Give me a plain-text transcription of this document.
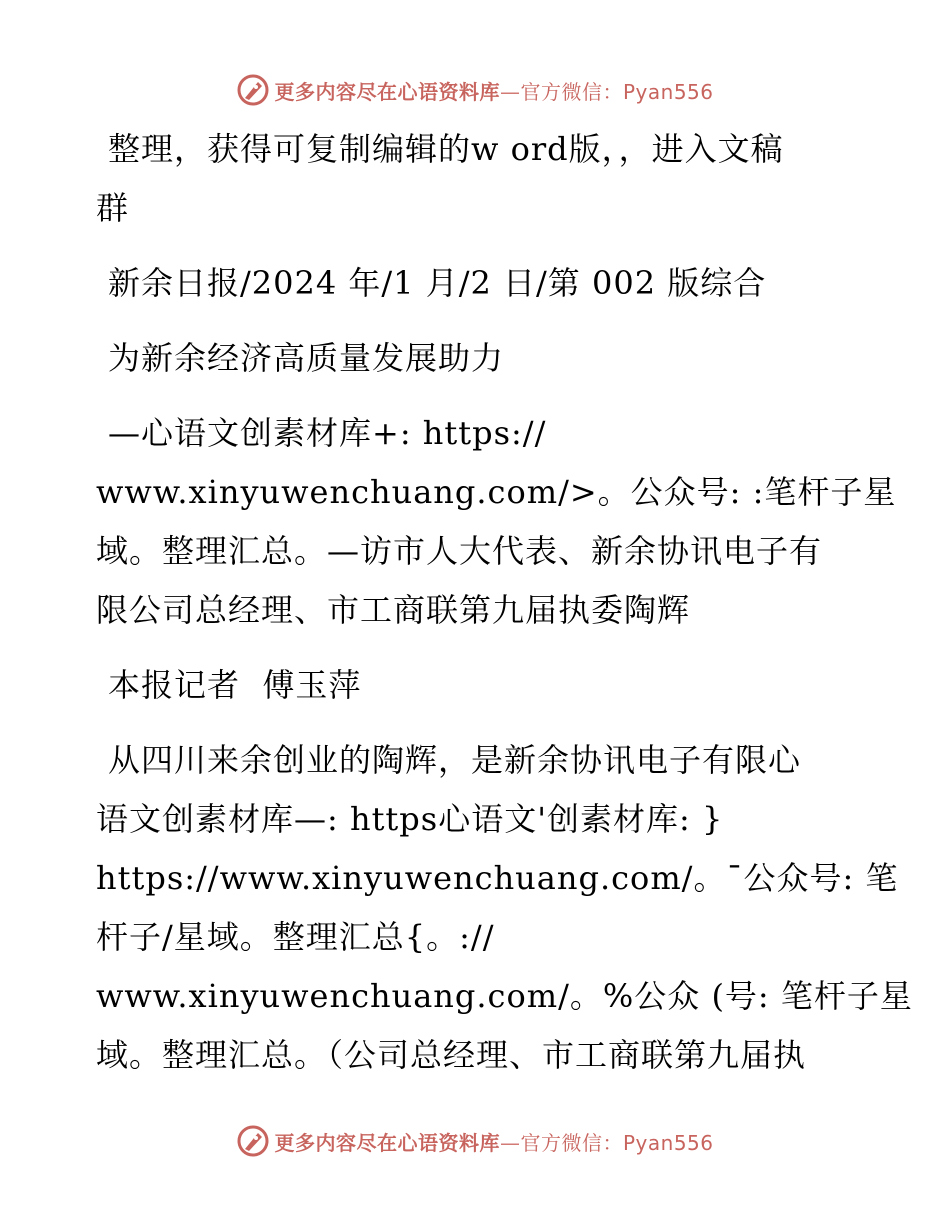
更多内容尽在心语资料库—官方微信：Pyan556

整理，获得可复制编辑的w ord版，，进入文稿

群

新余日报/2024 年/1 月/2 日/第 002 版综合

为新余经济高质量发展助力

—心语文创素材库+: https://

www.xinyuwenchuang.com/>。公众号: :笔杆子星

域。整理汇总。—访市人大代表、新余协讯电子有

限公司总经理、市工商联第九届执委陶辉

本报记者  傅玉萍

从四川来余创业的陶辉，是新余协讯电子有限心

语文创素材库—: https心语文'创素材库: }

https://www.xinyuwenchuang.com/。¯公众号: 笔

杆子/星域。整理汇总{。://

www.xinyuwenchuang.com/。%公众 (号: 笔杆子星

域。整理汇总。（公司总经理、市工商联第九届执

更多内容尽在心语资料库—官方微信：Pyan556
